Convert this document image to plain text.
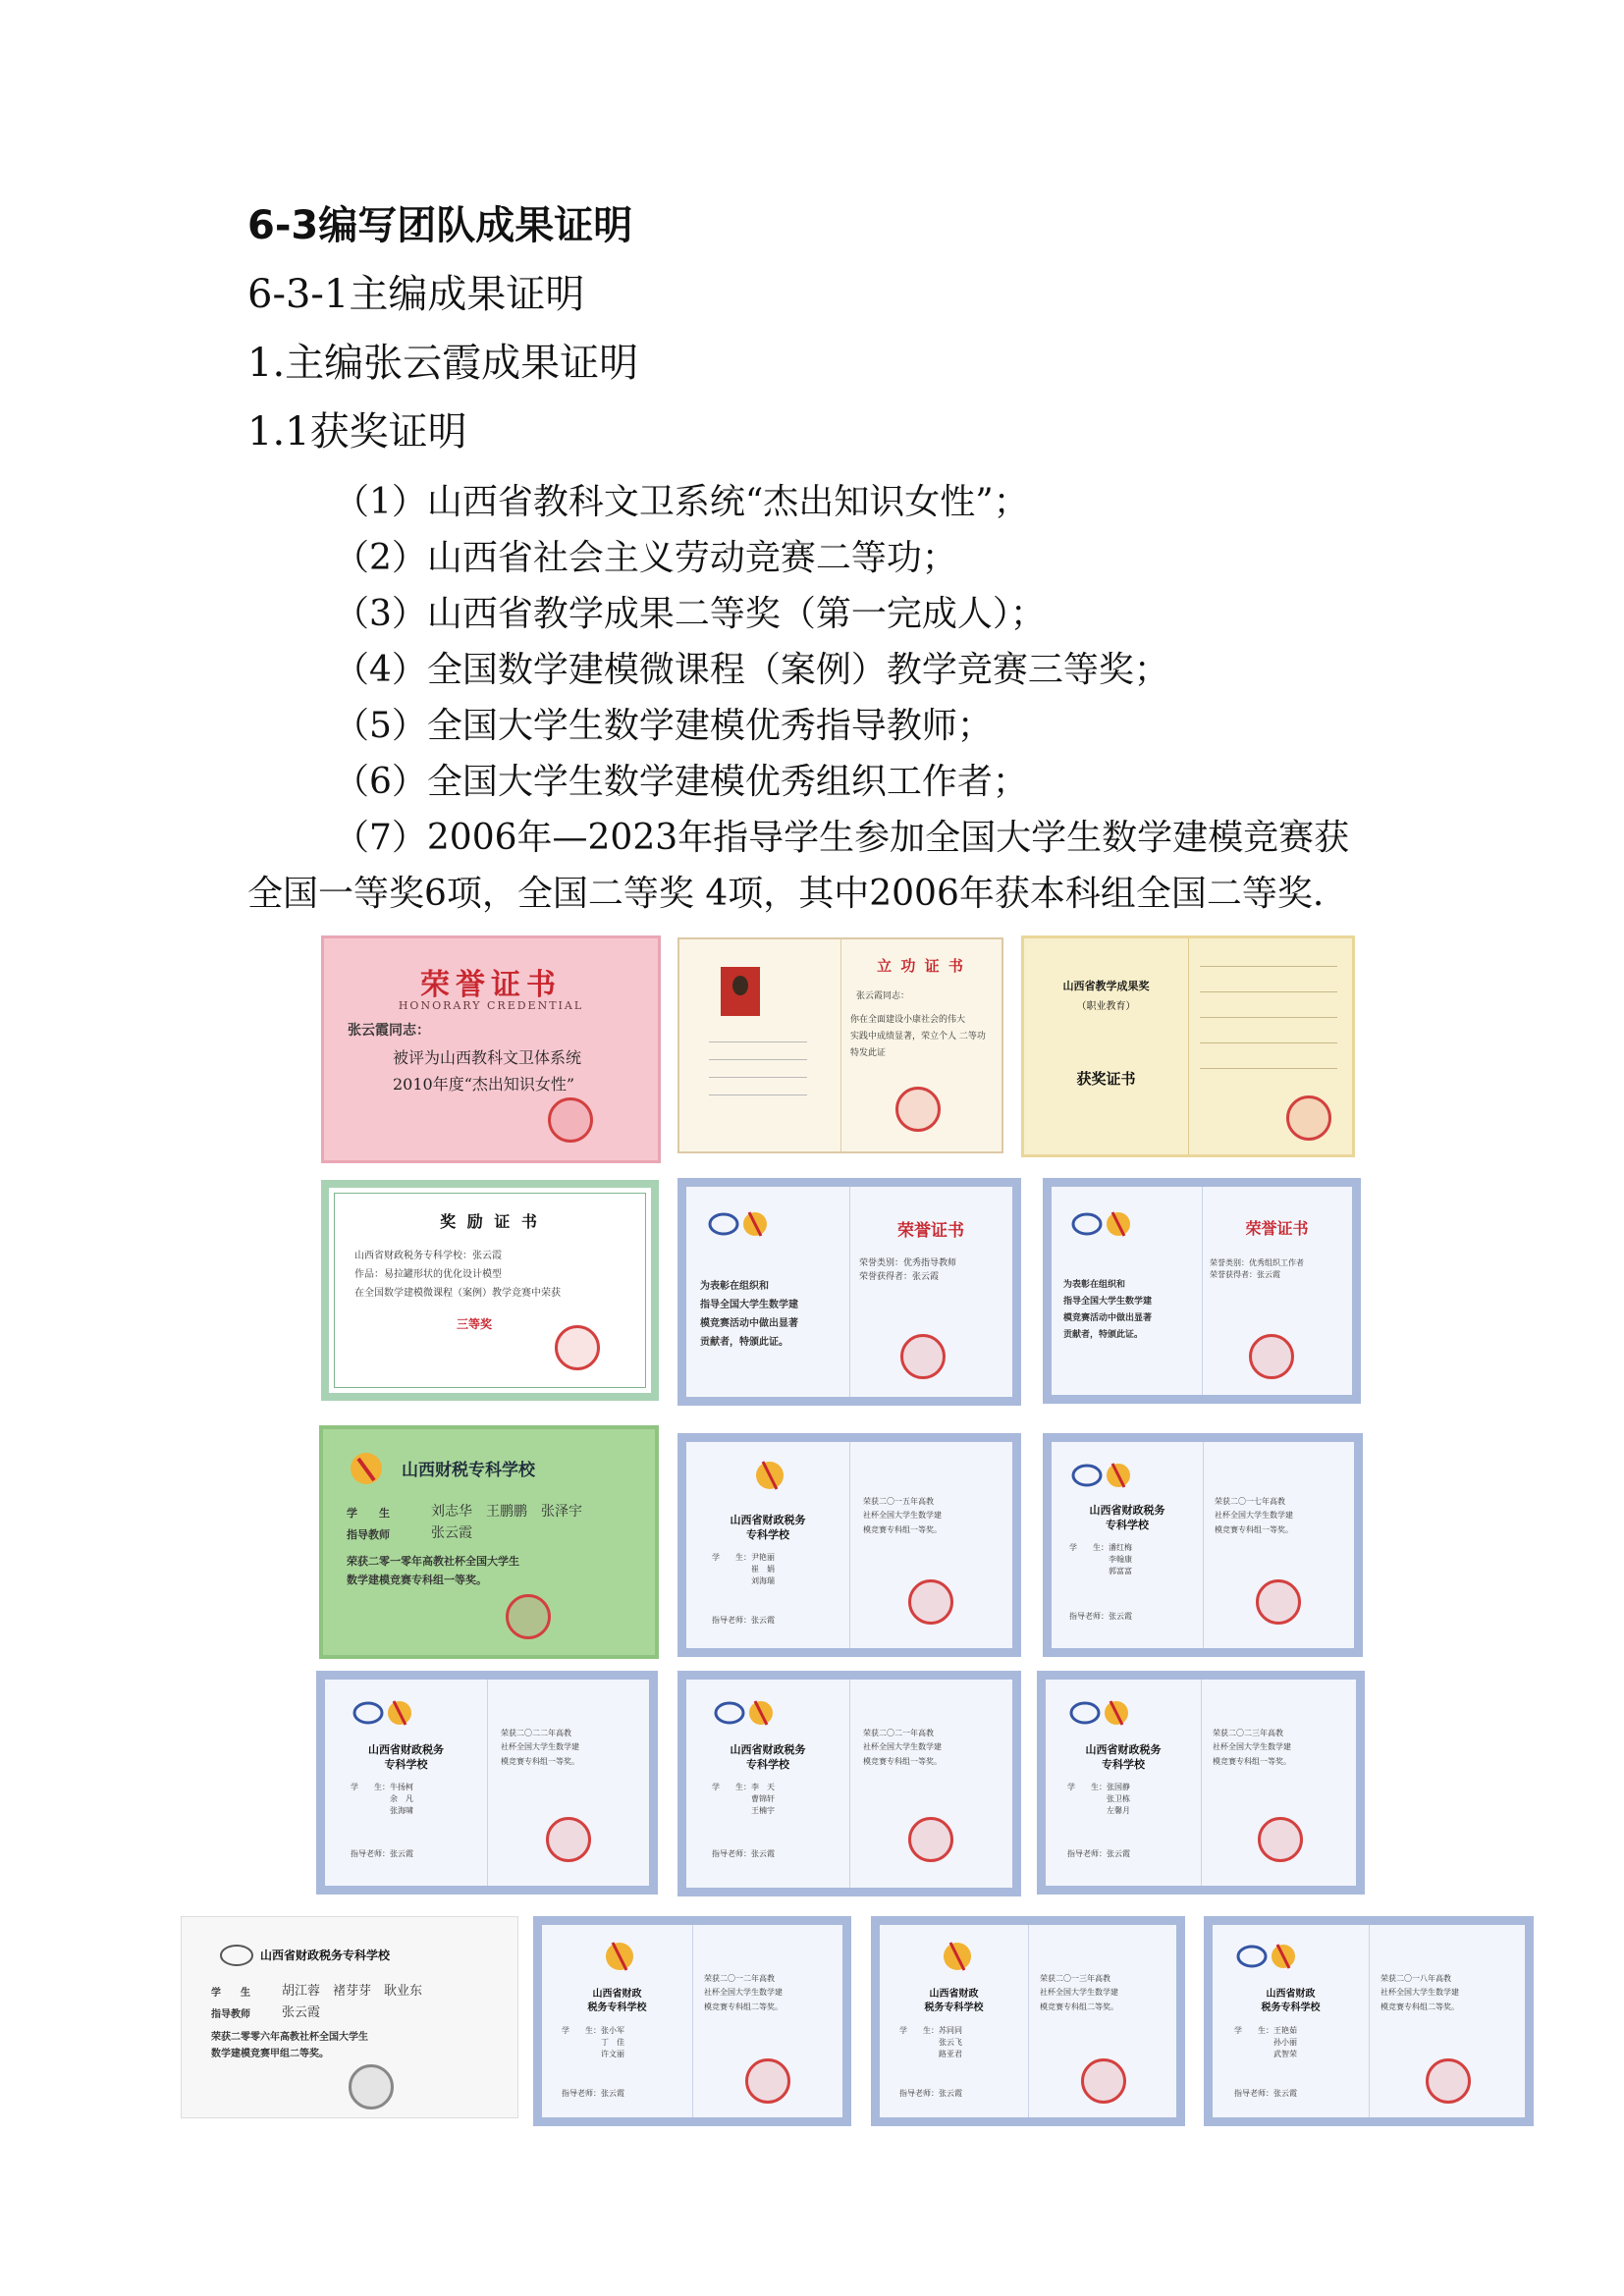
6-3编写团队成果证明
6-3-1主编成果证明
1.主编张云霞成果证明
1.1获奖证明
（1）山西省教科文卫系统“杰出知识女性”；
（2）山西省社会主义劳动竞赛二等功；
（3）山西省教学成果二等奖（第一完成人）；
（4）全国数学建模微课程（案例）教学竞赛三等奖；
（5）全国大学生数学建模优秀指导教师；
（6）全国大学生数学建模优秀组织工作者；
（7）2006年—2023年指导学生参加全国大学生数学建模竞赛获
全国一等奖6项，全国二等奖 4项，其中2006年获本科组全国二等奖.
荣誉证书
HONORARY CREDENTIAL
张云霞同志：
被评为山西教科文卫体系统
2010年度“杰出知识女性”
立 功 证 书
张云霞同志：
你在全面建设小康社会的伟大
实践中成绩显著，荣立个人 二等功
特发此证
山西省教学成果奖
（职业教育）
获奖证书
奖 励 证 书
山西省财政税务专科学校：张云霞
作品：易拉罐形状的优化设计模型
在全国数学建模微课程（案例）教学竞赛中荣获
三等奖
为表彰在组织和
指导全国大学生数学建
模竞赛活动中做出显著
贡献者，特颁此证。
荣誉证书
荣誉类别：优秀指导教师
荣誉获得者：张云霞
为表彰在组织和
指导全国大学生数学建
模竞赛活动中做出显著
贡献者，特颁此证。
荣誉证书
荣誉类别：优秀组织工作者
荣誉获得者：张云霞
山西财税专科学校
学　　生	刘志华　王鹏鹏　张泽宇
指导教师	张云霞
荣获二零一零年高教社杯全国大学生
数学建模竞赛专科组一等奖。
山西省财政税务
专科学校
学　　生：尹艳丽
　　　　　崔　娟
　　　　　刘海瑞
指导老师：张云霞
荣获二〇一五年高教
社杯全国大学生数学建
模竞赛专科组一等奖。
山西省财政税务
专科学校
学　　生：潘红梅
　　　　　李翰康
　　　　　郭富富
指导老师：张云霞
荣获二〇一七年高教
社杯全国大学生数学建
模竞赛专科组一等奖。
山西省财政税务
专科学校
学　　生：牛扬柯
　　　　　余　凡
　　　　　张海啸
指导老师：张云霞
荣获二〇二二年高教
社杯全国大学生数学建
模竞赛专科组一等奖。
山西省财政税务
专科学校
学　　生：李　天
　　　　　曹锦轩
　　　　　王楠宇
指导老师：张云霞
荣获二〇二一年高教
社杯全国大学生数学建
模竞赛专科组一等奖。
山西省财政税务
专科学校
学　　生：张国静
　　　　　张卫栋
　　　　　左馨月
指导老师：张云霞
荣获二〇二三年高教
社杯全国大学生数学建
模竞赛专科组一等奖。
山西省财政税务专科学校
学　　生 胡江蓉　褚芽芽　耿业东
指导教师 张云霞
荣获二零零六年高教社杯全国大学生
数学建模竞赛甲组二等奖。
山西省财政
税务专科学校
学　　生：张小军
　　　　　丁　佳
　　　　　许文丽
指导老师：张云霞
荣获二〇一二年高教
社杯全国大学生数学建
模竞赛专科组二等奖。
山西省财政
税务专科学校
学　　生：苏同同
　　　　　张云飞
　　　　　路亚君
指导老师：张云霞
荣获二〇一三年高教
社杯全国大学生数学建
模竞赛专科组二等奖。
山西省财政
税务专科学校
学　　生：王艳茹
　　　　　孙小丽
　　　　　武智荣
指导老师：张云霞
荣获二〇一八年高教
社杯全国大学生数学建
模竞赛专科组二等奖。
